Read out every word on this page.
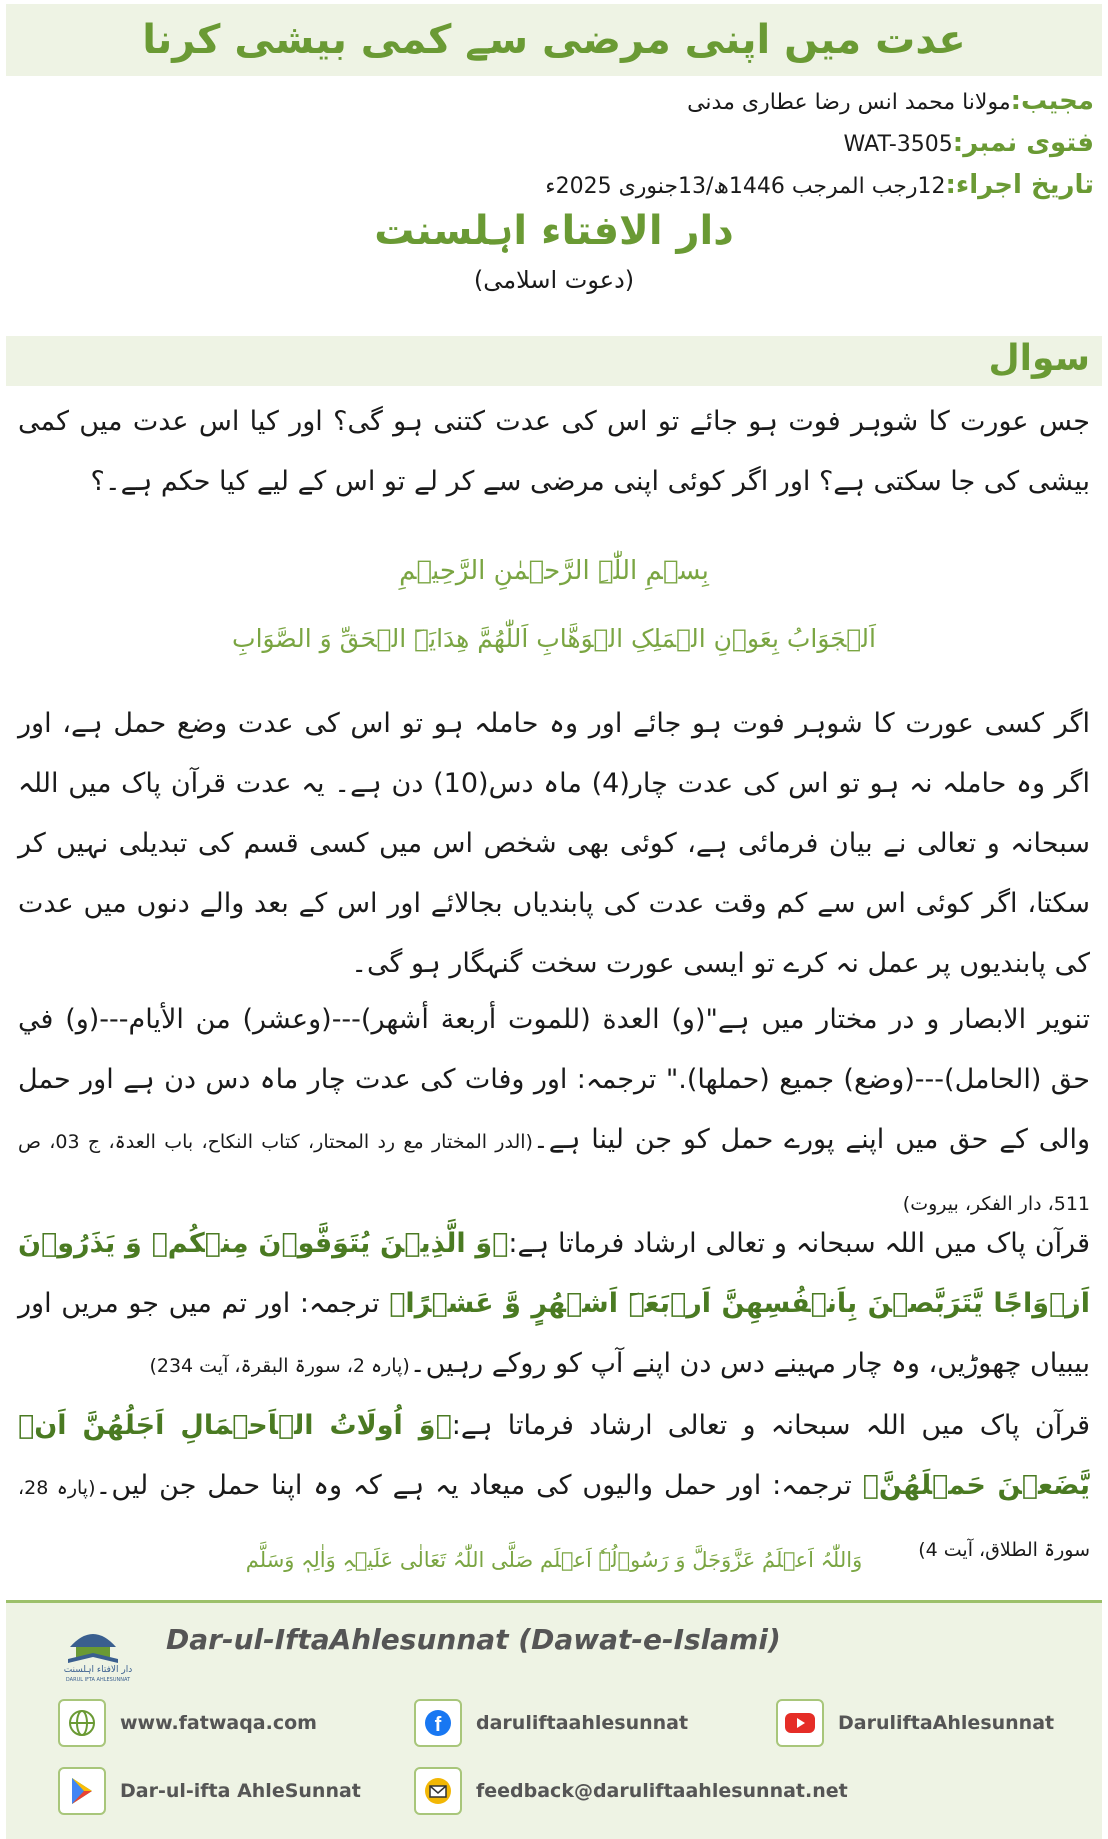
عدت میں اپنی مرضی سے کمی بیشی کرنا
مجیب:مولانا محمد انس رضا عطاری مدنی
فتوی نمبر:WAT-3505
تاریخ اجراء:12رجب المرجب 1446ھ/13جنوری 2025ء
دار الافتاء اہلسنت
(دعوت اسلامی)
سوال
جس عورت کا شوہر فوت ہو جائے تو اس کی عدت کتنی ہو گی؟ اور کیا اس عدت میں کمی بیشی کی جا سکتی ہے؟ اور اگر کوئی اپنی مرضی سے کر لے تو اس کے لیے کیا حکم ہے۔؟
بِسۡمِ اللّٰہِ الرَّحۡمٰنِ الرَّحِیۡمِ
اَلۡجَوَابُ بِعَوۡنِ الۡمَلِکِ الۡوَھَّابِ اَللّٰھُمَّ ھِدَایَۃَ الۡحَقِّ وَ الصَّوَابِ
اگر کسی عورت کا شوہر فوت ہو جائے اور وہ حاملہ ہو تو اس کی عدت وضع حمل ہے، اور اگر وہ حاملہ نہ ہو تو اس کی عدت چار(4) ماہ دس(10) دن ہے۔ یہ عدت قرآن پاک میں اللہ سبحانہ و تعالی نے بیان فرمائی ہے، کوئی بھی شخص اس میں کسی قسم کی تبدیلی نہیں کر سکتا، اگر کوئی اس سے کم وقت عدت کی پابندیاں بجالائے اور اس کے بعد والے دنوں میں عدت کی پابندیوں پر عمل نہ کرے تو ایسی عورت سخت گنہگار ہو گی۔
تنویر الابصار و در مختار میں ہے"(و) العدة (للموت أربعة أشهر)---(وعشر) من الأيام---(و) في حق (الحامل)---(وضع) جميع (حملها)." ترجمہ: اور وفات کی عدت چار ماہ دس دن ہے اور حمل والی کے حق میں اپنے پورے حمل کو جن لینا ہے۔(الدر المختار مع رد المحتار، کتاب النکاح، باب العدۃ، ج 03، ص 511، دار الفکر، بیروت)
قرآن پاک میں اللہ سبحانہ و تعالی ارشاد فرماتا ہے:﴿وَ الَّذِیۡنَ یُتَوَفَّوۡنَ مِنۡکُمۡ وَ یَذَرُوۡنَ اَزۡوَاجًا یَّتَرَبَّصۡنَ بِاَنۡفُسِھِنَّ اَرۡبَعَۃَ اَشۡھُرٍ وَّ عَشۡرًا﴾ ترجمہ: اور تم میں جو مریں اور بیبیاں چھوڑیں، وہ چار مہینے دس دن اپنے آپ کو روکے رہیں۔(پارہ 2، سورۃ البقرۃ، آیت 234)
قرآن پاک میں اللہ سبحانہ و تعالی ارشاد فرماتا ہے:﴿وَ اُولَاتُ الۡاَحۡمَالِ اَجَلُھُنَّ اَنۡ یَّضَعۡنَ حَمۡلَھُنَّ﴾ ترجمہ: اور حمل والیوں کی میعاد یہ ہے کہ وہ اپنا حمل جن لیں۔(پارہ 28، سورۃ الطلاق، آیت 4)
وَاللّٰہُ اَعۡلَمُ عَزَّوَجَلَّ وَ رَسُوۡلُہٗ اَعۡلَم صَلَّی اللّٰہُ تَعَالٰی عَلَیۡہِ وَاٰلِہٖ وَسَلَّم
دار الافتاء اہلسنت
DARUL IFTA AHLESUNNAT
Dar-ul-IftaAhlesunnat (Dawat-e-Islami)
www.fatwaqa.com	f daruliftaahlesunnat	DaruliftaAhlesunnat
Dar-ul-ifta AhleSunnat	feedback@daruliftaahlesunnat.net
